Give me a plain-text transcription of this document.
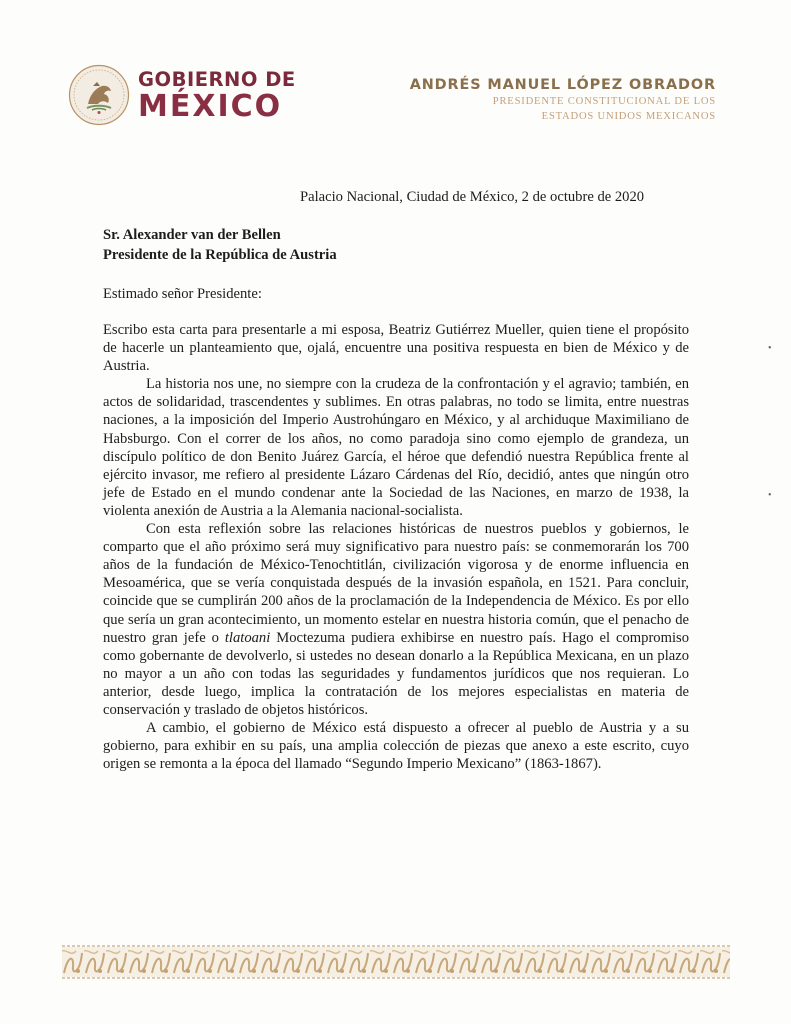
GOBIERNO DE
MÉXICO
ANDRÉS MANUEL LÓPEZ OBRADOR
PRESIDENTE CONSTITUCIONAL DE LOS
ESTADOS UNIDOS MEXICANOS
Palacio Nacional, Ciudad de México, 2 de octubre de 2020
Sr. Alexander van der Bellen
Presidente de la República de Austria
Estimado señor Presidente:

Escribo esta carta para presentarle a mi esposa, Beatriz Gutiérrez Mueller, quien tiene el propósito de hacerle un planteamiento que, ojalá, encuentre una positiva respuesta en bien de México y de Austria.

La historia nos une, no siempre con la crudeza de la confrontación y el agravio; también, en actos de solidaridad, trascendentes y sublimes. En otras palabras, no todo se limita, entre nuestras naciones, a la imposición del Imperio Austrohúngaro en México, y al archiduque Maximiliano de Habsburgo. Con el correr de los años, no como paradoja sino como ejemplo de grandeza, un discípulo político de don Benito Juárez García, el héroe que defendió nuestra República frente al ejército invasor, me refiero al presidente Lázaro Cárdenas del Río, decidió, antes que ningún otro jefe de Estado en el mundo condenar ante la Sociedad de las Naciones, en marzo de 1938, la violenta anexión de Austria a la Alemania nacional-socialista.

Con esta reflexión sobre las relaciones históricas de nuestros pueblos y gobiernos, le comparto que el año próximo será muy significativo para nuestro país: se conmemorarán los 700 años de la fundación de México-Tenochtitlán, civilización vigorosa y de enorme influencia en Mesoamérica, que se vería conquistada después de la invasión española, en 1521. Para concluir, coincide que se cumplirán 200 años de la proclamación de la Independencia de México. Es por ello que sería un gran acontecimiento, un momento estelar en nuestra historia común, que el penacho de nuestro gran jefe o tlatoani Moctezuma pudiera exhibirse en nuestro país. Hago el compromiso como gobernante de devolverlo, si ustedes no desean donarlo a la República Mexicana, en un plazo no mayor a un año con todas las seguridades y fundamentos jurídicos que nos requieran. Lo anterior, desde luego, implica la contratación de los mejores especialistas en materia de conservación y traslado de objetos históricos.

A cambio, el gobierno de México está dispuesto a ofrecer al pueblo de Austria y a su gobierno, para exhibir en su país, una amplia colección de piezas que anexo a este escrito, cuyo origen se remonta a la época del llamado “Segundo Imperio Mexicano” (1863-1867).

•
•
